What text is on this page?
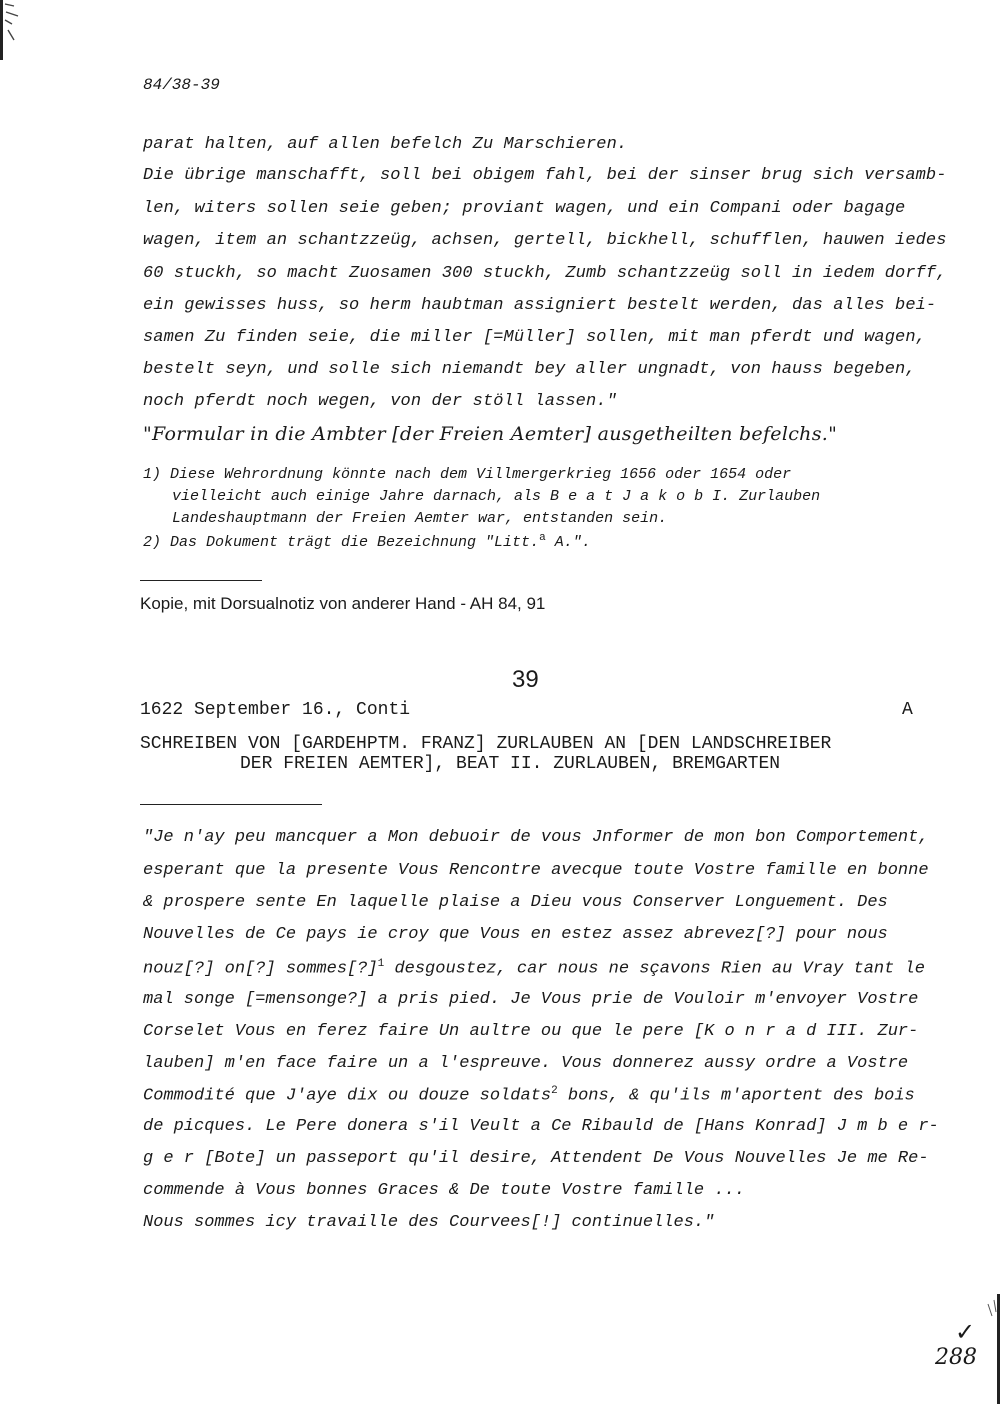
84/38-39
parat halten, auf allen befelch Zu Marschieren.
Die übrige manschafft, soll bei obigem fahl, bei der sinser brug sich versamb-
len, witers sollen seie geben; proviant wagen, und ein Compani oder bagage
wagen, item an schantzzeüg, achsen, gertell, bickhell, schufflen, hauwen iedes
60 stuckh, so macht Zuosamen 300 stuckh, Zumb schantzzeüg soll in iedem dorff,
ein gewisses huss, so herm haubtman assigniert bestelt werden, das alles bei-
samen Zu finden seie, die miller [=Müller] sollen, mit man pferdt und wagen,
bestelt seyn, und solle sich niemandt bey aller ungnadt, von hauss begeben,
noch pferdt noch wegen, von der stöll lassen."
"Formular in die Ambter [der Freien Aemter] ausgetheilten befelchs."
1) Diese Wehrordnung könnte nach dem Villmergerkrieg 1656 oder 1654 oder
vielleicht auch einige Jahre darnach, als B e a t J a k o b I. Zurlauben
Landeshauptmann der Freien Aemter war, entstanden sein.
2) Das Dokument trägt die Bezeichnung "Litt.$^a$ A.".
Kopie, mit Dorsualnotiz von anderer Hand - AH 84, 91
39
1622 September 16., Conti	A
SCHREIBEN VON [GARDEHPTM. FRANZ] ZURLAUBEN AN [DEN LANDSCHREIBER
DER FREIEN AEMTER], BEAT II. ZURLAUBEN, BREMGARTEN
"Je n'ay peu mancquer a Mon debuoir de vous Jnformer de mon bon Comportement,
esperant que la presente Vous Rencontre avecque toute Vostre famille en bonne
& prospere sente En laquelle plaise a Dieu vous Conserver Longuement. Des
Nouvelles de Ce pays ie croy que Vous en estez assez abrevez[?] pour nous
nouz[?] on[?] sommes[?]$^1$ desgoustez, car nous ne sçavons Rien au Vray tant le
mal songe [=mensonge?] a pris pied. Je Vous prie de Vouloir m'envoyer Vostre
Corselet Vous en ferez faire Un aultre ou que le pere [K o n r a d III. Zur-
lauben] m'en face faire un a l'espreuve. Vous donnerez aussy ordre a Vostre
Commodité que J'aye dix ou douze soldats$^2$ bons, & qu'ils m'aportent des bois
de picques. Le Pere donera s'il Veult a Ce Ribauld de [Hans Konrad] J m b e r-
g e r [Bote] un passeport qu'il desire, Attendent De Vous Nouvelles Je me Re-
commende à Vous bonnes Graces & De toute Vostre famille ...
Nous sommes icy travaille des Courvees[!] continuelles."
✓
288
